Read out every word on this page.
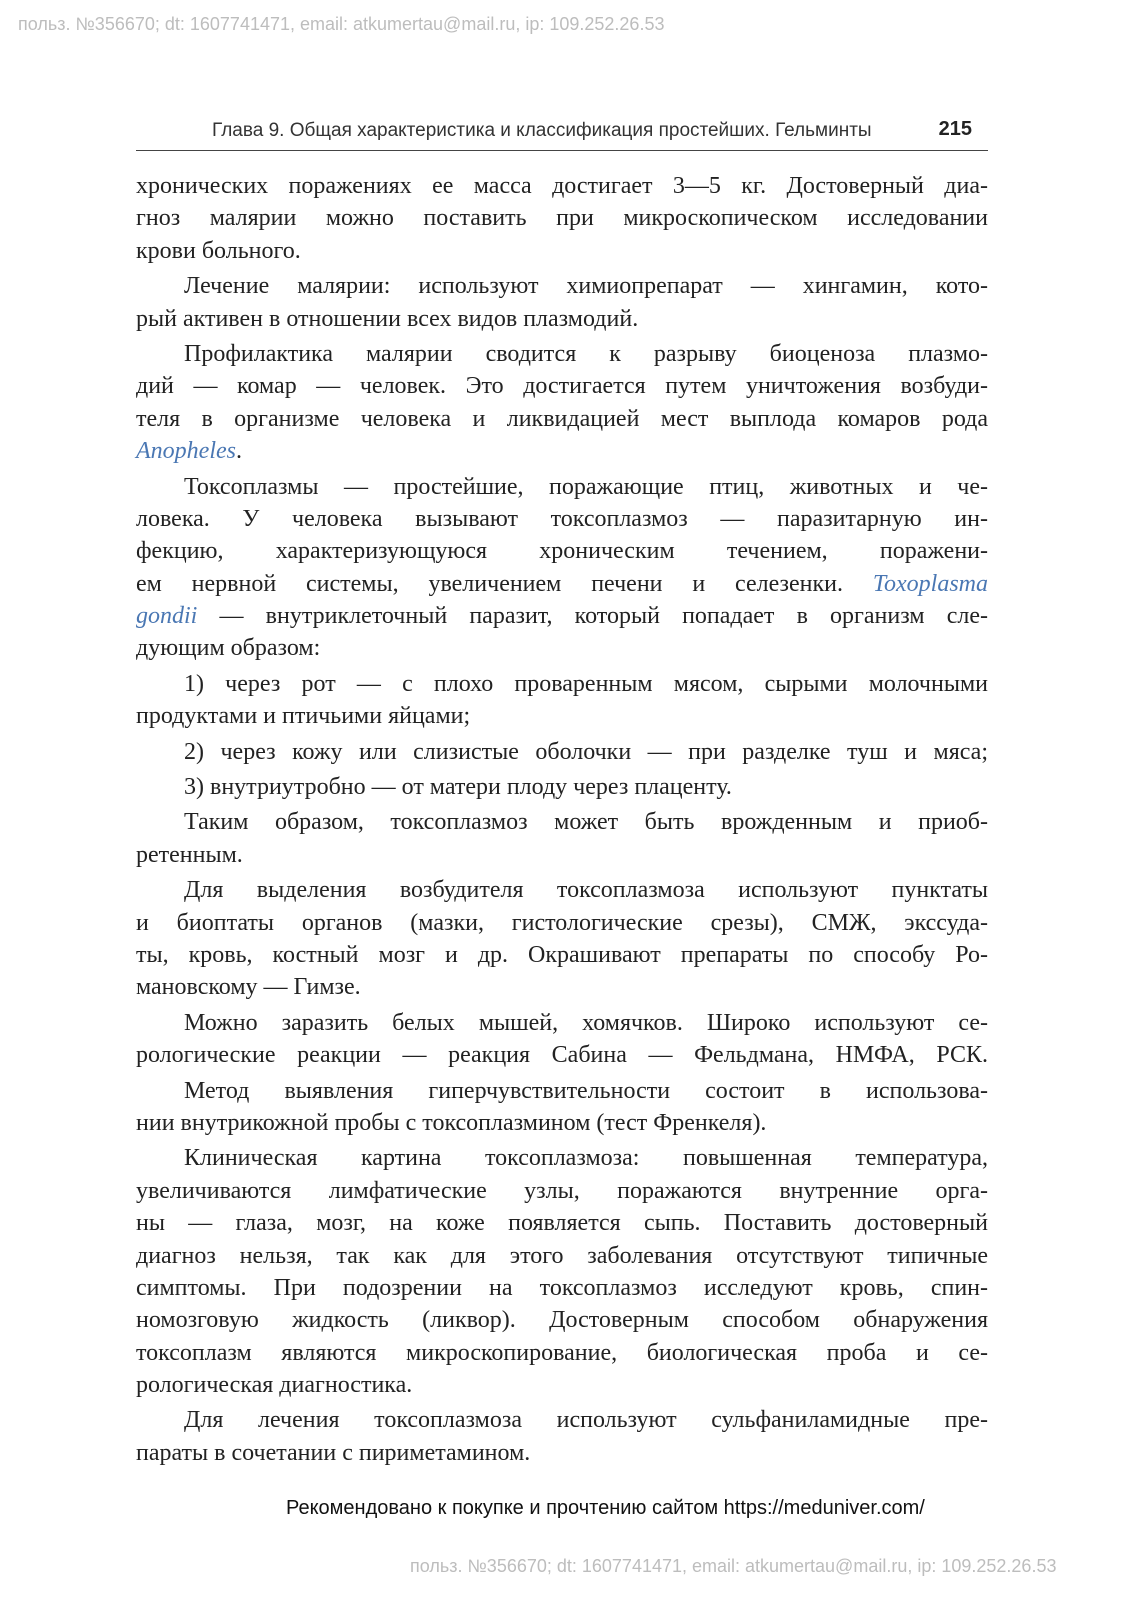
польз. №356670; dt: 1607741471, email: atkumertau@mail.ru, ip: 109.252.26.53
Глава 9. Общая характеристика и классификация простейших. Гельминты	215
хронических поражениях ее масса достигает 3—5 кг. Достоверный диа-
гноз малярии можно поставить при микроскопическом исследовании
крови больного.
Лечение малярии: используют химиопрепарат — хингамин, кото-
рый активен в отношении всех видов плазмодий.
Профилактика малярии сводится к разрыву биоценоза плазмо-
дий — комар — человек. Это достигается путем уничтожения возбуди-
теля в организме человека и ликвидацией мест выплода комаров рода
Anopheles.
Токсоплазмы — простейшие, поражающие птиц, животных и че-
ловека. У человека вызывают токсоплазмоз — паразитарную ин-
фекцию, характеризующуюся хроническим течением, поражени-
ем нервной системы, увеличением печени и селезенки. Toxoplasma
gondii — внутриклеточный паразит, который попадает в организм сле-
дующим образом:
1) через рот — с плохо проваренным мясом, сырыми молочными
продуктами и птичьими яйцами;
2) через кожу или слизистые оболочки — при разделке туш и мяса;
3) внутриутробно — от матери плоду через плаценту.
Таким образом, токсоплазмоз может быть врожденным и приоб-
ретенным.
Для выделения возбудителя токсоплазмоза используют пунктаты
и биоптаты органов (мазки, гистологические срезы), СМЖ, экссуда-
ты, кровь, костный мозг и др. Окрашивают препараты по способу Ро-
мановскому — Гимзе.
Можно заразить белых мышей, хомячков. Широко используют се-
рологические реакции — реакция Сабина — Фельдмана, НМФА, РСК.
Метод выявления гиперчувствительности состоит в использова-
нии внутрикожной пробы с токсоплазмином (тест Френкеля).
Клиническая картина токсоплазмоза: повышенная температура,
увеличиваются лимфатические узлы, поражаются внутренние орга-
ны — глаза, мозг, на коже появляется сыпь. Поставить достоверный
диагноз нельзя, так как для этого заболевания отсутствуют типичные
симптомы. При подозрении на токсоплазмоз исследуют кровь, спин-
номозговую жидкость (ликвор). Достоверным способом обнаружения
токсоплазм являются микроскопирование, биологическая проба и се-
рологическая диагностика.
Для лечения токсоплазмоза используют сульфаниламидные пре-
параты в сочетании с пириметамином.
Рекомендовано к покупке и прочтению сайтом https://meduniver.com/
польз. №356670; dt: 1607741471, email: atkumertau@mail.ru, ip: 109.252.26.53
